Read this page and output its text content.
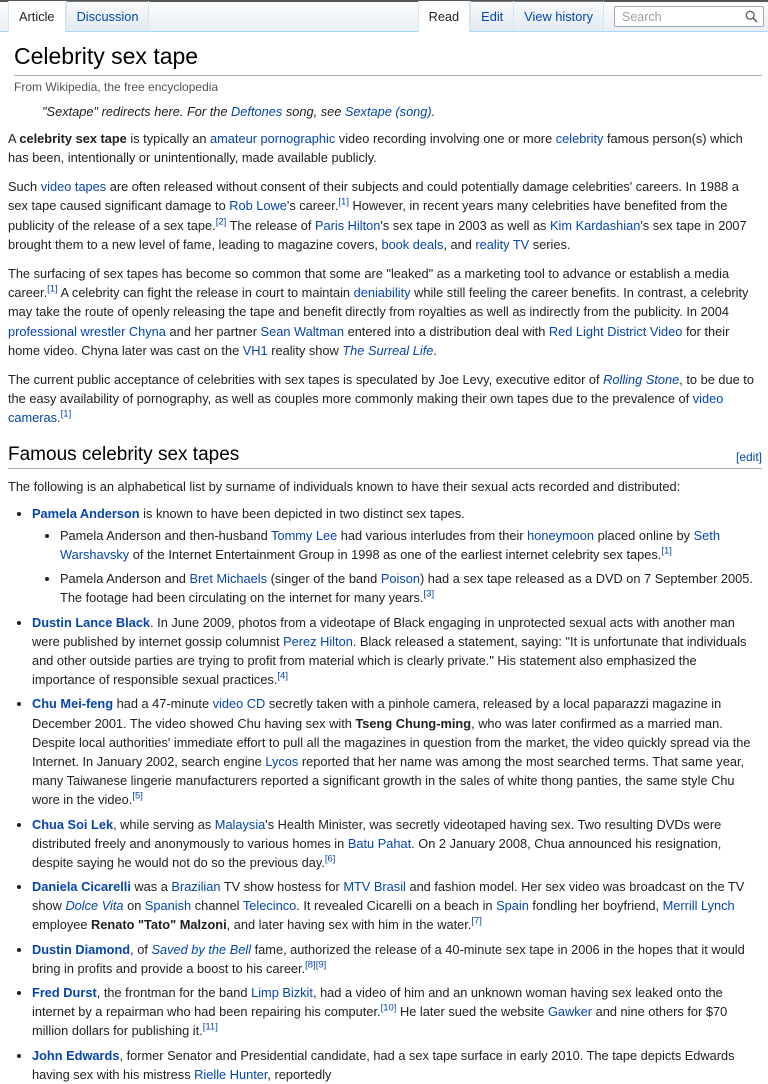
Article	Discussion	Read	Edit	View history
Search
Celebrity sex tape
From Wikipedia, the free encyclopedia
"Sextape" redirects here. For the Deftones song, see Sextape (song).

A celebrity sex tape is typically an amateur pornographic video recording involving one or more celebrity famous person(s) which has been, intentionally or unintentionally, made available publicly.

Such video tapes are often released without consent of their subjects and could potentially damage celebrities' careers. In 1988 a sex tape caused significant damage to Rob Lowe's career.[1] However, in recent years many celebrities have benefited from the publicity of the release of a sex tape.[2] The release of Paris Hilton's sex tape in 2003 as well as Kim Kardashian's sex tape in 2007 brought them to a new level of fame, leading to magazine covers, book deals, and reality TV series.

The surfacing of sex tapes has become so common that some are "leaked" as a marketing tool to advance or establish a media career.[1] A celebrity can fight the release in court to maintain deniability while still feeling the career benefits. In contrast, a celebrity may take the route of openly releasing the tape and benefit directly from royalties as well as indirectly from the publicity. In 2004 professional wrestler Chyna and her partner Sean Waltman entered into a distribution deal with Red Light District Video for their home video. Chyna later was cast on the VH1 reality show The Surreal Life.

The current public acceptance of celebrities with sex tapes is speculated by Joe Levy, executive editor of Rolling Stone, to be due to the easy availability of pornography, as well as couples more commonly making their own tapes due to the prevalence of video cameras.[1]

Famous celebrity sex tapes	[edit]

The following is an alphabetical list by surname of individuals known to have their sexual acts recorded and distributed:

• Pamela Anderson is known to have been depicted in two distinct sex tapes.
• Pamela Anderson and then-husband Tommy Lee had various interludes from their honeymoon placed online by Seth Warshavsky of the Internet Entertainment Group in 1998 as one of the earliest internet celebrity sex tapes.[1]
• Pamela Anderson and Bret Michaels (singer of the band Poison) had a sex tape released as a DVD on 7 September 2005. The footage had been circulating on the internet for many years.[3]
• Dustin Lance Black. In June 2009, photos from a videotape of Black engaging in unprotected sexual acts with another man were published by internet gossip columnist Perez Hilton. Black released a statement, saying: "It is unfortunate that individuals and other outside parties are trying to profit from material which is clearly private." His statement also emphasized the importance of responsible sexual practices.[4]
• Chu Mei-feng had a 47-minute video CD secretly taken with a pinhole camera, released by a local paparazzi magazine in December 2001. The video showed Chu having sex with Tseng Chung-ming, who was later confirmed as a married man. Despite local authorities' immediate effort to pull all the magazines in question from the market, the video quickly spread via the Internet. In January 2002, search engine Lycos reported that her name was among the most searched terms. That same year, many Taiwanese lingerie manufacturers reported a significant growth in the sales of white thong panties, the same style Chu wore in the video.[5]
• Chua Soi Lek, while serving as Malaysia's Health Minister, was secretly videotaped having sex. Two resulting DVDs were distributed freely and anonymously to various homes in Batu Pahat. On 2 January 2008, Chua announced his resignation, despite saying he would not do so the previous day.[6]
• Daniela Cicarelli was a Brazilian TV show hostess for MTV Brasil and fashion model. Her sex video was broadcast on the TV show Dolce Vita on Spanish channel Telecinco. It revealed Cicarelli on a beach in Spain fondling her boyfriend, Merrill Lynch employee Renato "Tato" Malzoni, and later having sex with him in the water.[7]
• Dustin Diamond, of Saved by the Bell fame, authorized the release of a 40-minute sex tape in 2006 in the hopes that it would bring in profits and provide a boost to his career.[8][9]
• Fred Durst, the frontman for the band Limp Bizkit, had a video of him and an unknown woman having sex leaked onto the internet by a repairman who had been repairing his computer.[10] He later sued the website Gawker and nine others for $70 million dollars for publishing it.[11]
• John Edwards, former Senator and Presidential candidate, had a sex tape surface in early 2010. The tape depicts Edwards having sex with his mistress Rielle Hunter, reportedly
